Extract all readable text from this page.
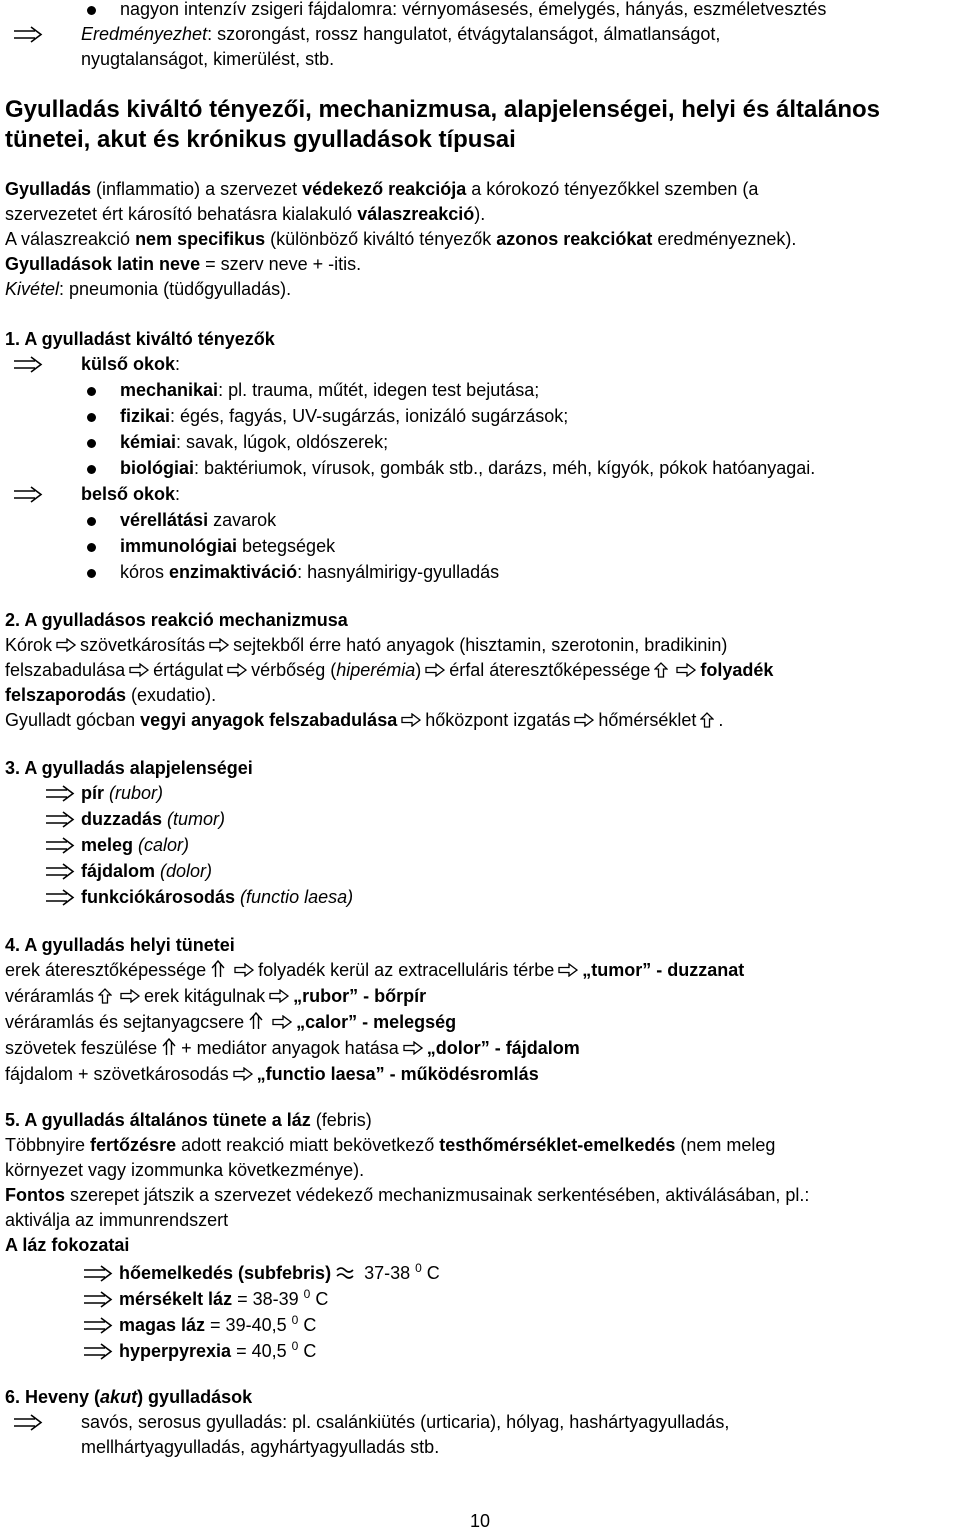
nagyon intenzív zsigeri fájdalomra: vérnyomásesés, émelygés, hányás, eszméletvesztés
Eredményezhet: szorongást, rossz hangulatot, étvágytalanságot, álmatlanságot,
nyugtalanságot, kimerülést, stb.
Gyulladás kiváltó tényezői, mechanizmusa, alapjelenségei, helyi és általános
tünetei, akut és krónikus gyulladások típusai
Gyulladás (inflammatio) a szervezet védekező reakciója a kórokozó tényezőkkel szemben (a
szervezetet ért károsító behatásra kialakuló válaszreakció).
A válaszreakció nem specifikus (különböző kiváltó tényezők azonos reakciókat eredményeznek).
Gyulladások latin neve = szerv neve + -itis.
Kivétel: pneumonia (tüdőgyulladás).
1. A gyulladást kiváltó tényezők
külső okok:
mechanikai: pl. trauma, műtét, idegen test bejutása;
fizikai: égés, fagyás, UV-sugárzás, ionizáló sugárzások;
kémiai: savak, lúgok, oldószerek;
biológiai: baktériumok, vírusok, gombák stb., darázs, méh, kígyók, pókok hatóanyagai.
belső okok:
vérellátási zavarok
immunológiai betegségek
kóros enzimaktiváció: hasnyálmirigy-gyulladás
2. A gyulladásos reakció mechanizmusa
Kórok szövetkárosítás sejtekből érre ható anyagok (hisztamin, szerotonin, bradikinin)
felszabadulása értágulat vérbőség (hiperémia) érfal áteresztőképessége	folyadék
felszaporodás (exudatio).
Gyulladt gócban vegyi anyagok felszabadulása hőközpont izgatás hőmérséklet .
3. A gyulladás alapjelenségei
pír (rubor)
duzzadás (tumor)
meleg (calor)
fájdalom (dolor)
funkciókárosodás (functio laesa)
4. A gyulladás helyi tünetei
erek áteresztőképessége	folyadék kerül az extracelluláris térbe „tumor” - duzzanat
véráramlás	erek kitágulnak „rubor” - bőrpír
véráramlás és sejtanyagcsere	„calor” - melegség
szövetek feszülése + mediátor anyagok hatása „dolor” - fájdalom
fájdalom + szövetkárosodás „functio laesa” - működésromlás
5. A gyulladás általános tünete a láz (febris)
Többnyire fertőzésre adott reakció miatt bekövetkező testhőmérséklet-emelkedés (nem meleg
környezet vagy izommunka következménye).
Fontos szerepet játszik a szervezet védekező mechanizmusainak serkentésében, aktiválásában, pl.:
aktiválja az immunrendszert
A láz fokozatai
hőemelkedés (subfebris) 37-38 $^0$ C
mérsékelt láz = 38-39 $^0$ C
magas láz = 39-40,5 $^0$ C
hyperpyrexia = 40,5 $^0$ C
6. Heveny (akut) gyulladások
savós, serosus gyulladás: pl. csalánkiütés (urticaria), hólyag, hashártyagyulladás,
mellhártyagyulladás, agyhártyagyulladás stb.
10
